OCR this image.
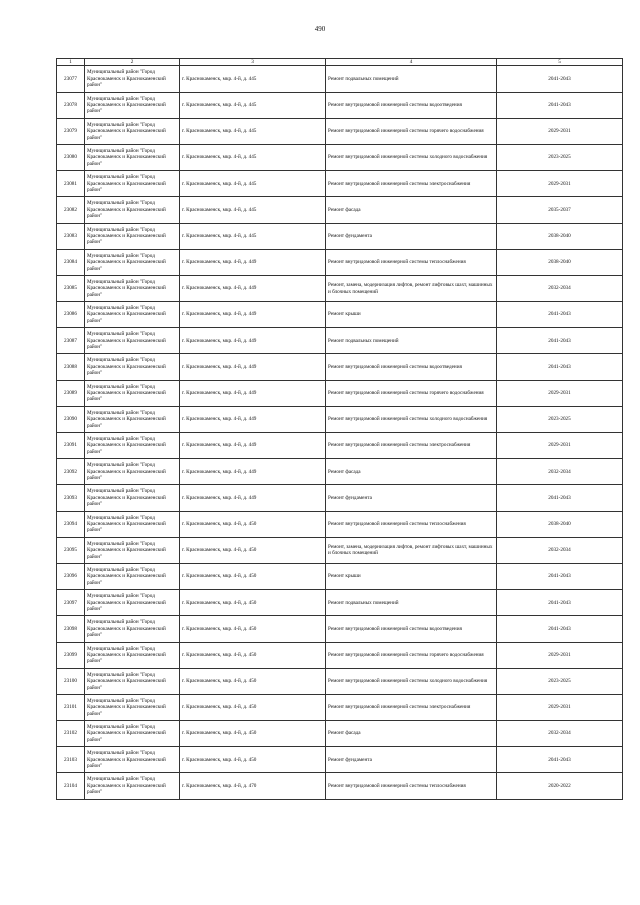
490
1	2	3	4	5
23077	Муниципальный район "Город Краснокаменск и Краснокаменский район"	г. Краснокаменск, мкр. 4-й, д. 445	Ремонт подвальных помещений	2041-2043
23078	Муниципальный район "Город Краснокаменск и Краснокаменский район"	г. Краснокаменск, мкр. 4-й, д. 445	Ремонт внутридомовой инженерной системы водоотведения	2041-2043
23079	Муниципальный район "Город Краснокаменск и Краснокаменский район"	г. Краснокаменск, мкр. 4-й, д. 445	Ремонт внутридомовой инженерной системы горячего водоснабжения	2029-2031
23080	Муниципальный район "Город Краснокаменск и Краснокаменский район"	г. Краснокаменск, мкр. 4-й, д. 445	Ремонт внутридомовой инженерной системы холодного водоснабжения	2023-2025
23081	Муниципальный район "Город Краснокаменск и Краснокаменский район"	г. Краснокаменск, мкр. 4-й, д. 445	Ремонт внутридомовой инженерной системы электроснабжения	2029-2031
23082	Муниципальный район "Город Краснокаменск и Краснокаменский район"	г. Краснокаменск, мкр. 4-й, д. 445	Ремонт фасада	2035-2037
23083	Муниципальный район "Город Краснокаменск и Краснокаменский район"	г. Краснокаменск, мкр. 4-й, д. 445	Ремонт фундамента	2038-2040
23084	Муниципальный район "Город Краснокаменск и Краснокаменский район"	г. Краснокаменск, мкр. 4-й, д. 449	Ремонт внутридомовой инженерной системы теплоснабжения	2038-2040
23085	Муниципальный район "Город Краснокаменск и Краснокаменский район"	г. Краснокаменск, мкр. 4-й, д. 449	Ремонт, замена, модернизация лифтов, ремонт лифтовых шахт, машинных и блочных помещений	2032-2034
23086	Муниципальный район "Город Краснокаменск и Краснокаменский район"	г. Краснокаменск, мкр. 4-й, д. 449	Ремонт крыши	2041-2043
23087	Муниципальный район "Город Краснокаменск и Краснокаменский район"	г. Краснокаменск, мкр. 4-й, д. 449	Ремонт подвальных помещений	2041-2043
23088	Муниципальный район "Город Краснокаменск и Краснокаменский район"	г. Краснокаменск, мкр. 4-й, д. 449	Ремонт внутридомовой инженерной системы водоотведения	2041-2043
23089	Муниципальный район "Город Краснокаменск и Краснокаменский район"	г. Краснокаменск, мкр. 4-й, д. 449	Ремонт внутридомовой инженерной системы горячего водоснабжения	2029-2031
23090	Муниципальный район "Город Краснокаменск и Краснокаменский район"	г. Краснокаменск, мкр. 4-й, д. 449	Ремонт внутридомовой инженерной системы холодного водоснабжения	2023-2025
23091	Муниципальный район "Город Краснокаменск и Краснокаменский район"	г. Краснокаменск, мкр. 4-й, д. 449	Ремонт внутридомовой инженерной системы электроснабжения	2029-2031
23092	Муниципальный район "Город Краснокаменск и Краснокаменский район"	г. Краснокаменск, мкр. 4-й, д. 449	Ремонт фасада	2032-2034
23093	Муниципальный район "Город Краснокаменск и Краснокаменский район"	г. Краснокаменск, мкр. 4-й, д. 449	Ремонт фундамента	2041-2043
23094	Муниципальный район "Город Краснокаменск и Краснокаменский район"	г. Краснокаменск, мкр. 4-й, д. 450	Ремонт внутридомовой инженерной системы теплоснабжения	2038-2040
23095	Муниципальный район "Город Краснокаменск и Краснокаменский район"	г. Краснокаменск, мкр. 4-й, д. 450	Ремонт, замена, модернизация лифтов, ремонт лифтовых шахт, машинных и блочных помещений	2032-2034
23096	Муниципальный район "Город Краснокаменск и Краснокаменский район"	г. Краснокаменск, мкр. 4-й, д. 450	Ремонт крыши	2041-2043
23097	Муниципальный район "Город Краснокаменск и Краснокаменский район"	г. Краснокаменск, мкр. 4-й, д. 450	Ремонт подвальных помещений	2041-2043
23098	Муниципальный район "Город Краснокаменск и Краснокаменский район"	г. Краснокаменск, мкр. 4-й, д. 450	Ремонт внутридомовой инженерной системы водоотведения	2041-2043
23099	Муниципальный район "Город Краснокаменск и Краснокаменский район"	г. Краснокаменск, мкр. 4-й, д. 450	Ремонт внутридомовой инженерной системы горячего водоснабжения	2029-2031
23100	Муниципальный район "Город Краснокаменск и Краснокаменский район"	г. Краснокаменск, мкр. 4-й, д. 450	Ремонт внутридомовой инженерной системы холодного водоснабжения	2023-2025
23101	Муниципальный район "Город Краснокаменск и Краснокаменский район"	г. Краснокаменск, мкр. 4-й, д. 450	Ремонт внутридомовой инженерной системы электроснабжения	2029-2031
23102	Муниципальный район "Город Краснокаменск и Краснокаменский район"	г. Краснокаменск, мкр. 4-й, д. 450	Ремонт фасада	2032-2034
23103	Муниципальный район "Город Краснокаменск и Краснокаменский район"	г. Краснокаменск, мкр. 4-й, д. 450	Ремонт фундамента	2041-2043
23104	Муниципальный район "Город Краснокаменск и Краснокаменский район"	г. Краснокаменск, мкр. 4-й, д. 470	Ремонт внутридомовой инженерной системы теплоснабжения	2020-2022
